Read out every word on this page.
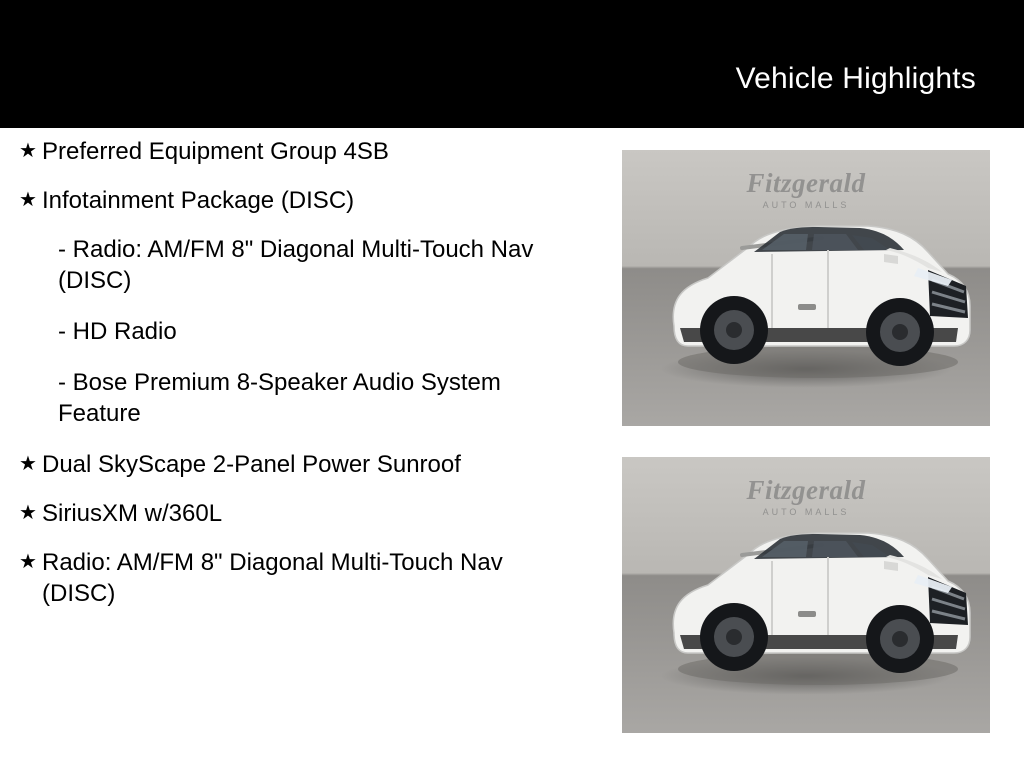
Vehicle Highlights
★ Preferred Equipment Group 4SB
★ Infotainment Package (DISC)
- Radio: AM/FM 8" Diagonal Multi-Touch Nav (DISC)
- HD Radio
- Bose Premium 8-Speaker Audio System Feature
★ Dual SkyScape 2-Panel Power Sunroof
★ SiriusXM w/360L
★ Radio: AM/FM 8" Diagonal Multi-Touch Nav (DISC)
Fitzgerald
AUTO MALLS
Fitzgerald
AUTO MALLS
